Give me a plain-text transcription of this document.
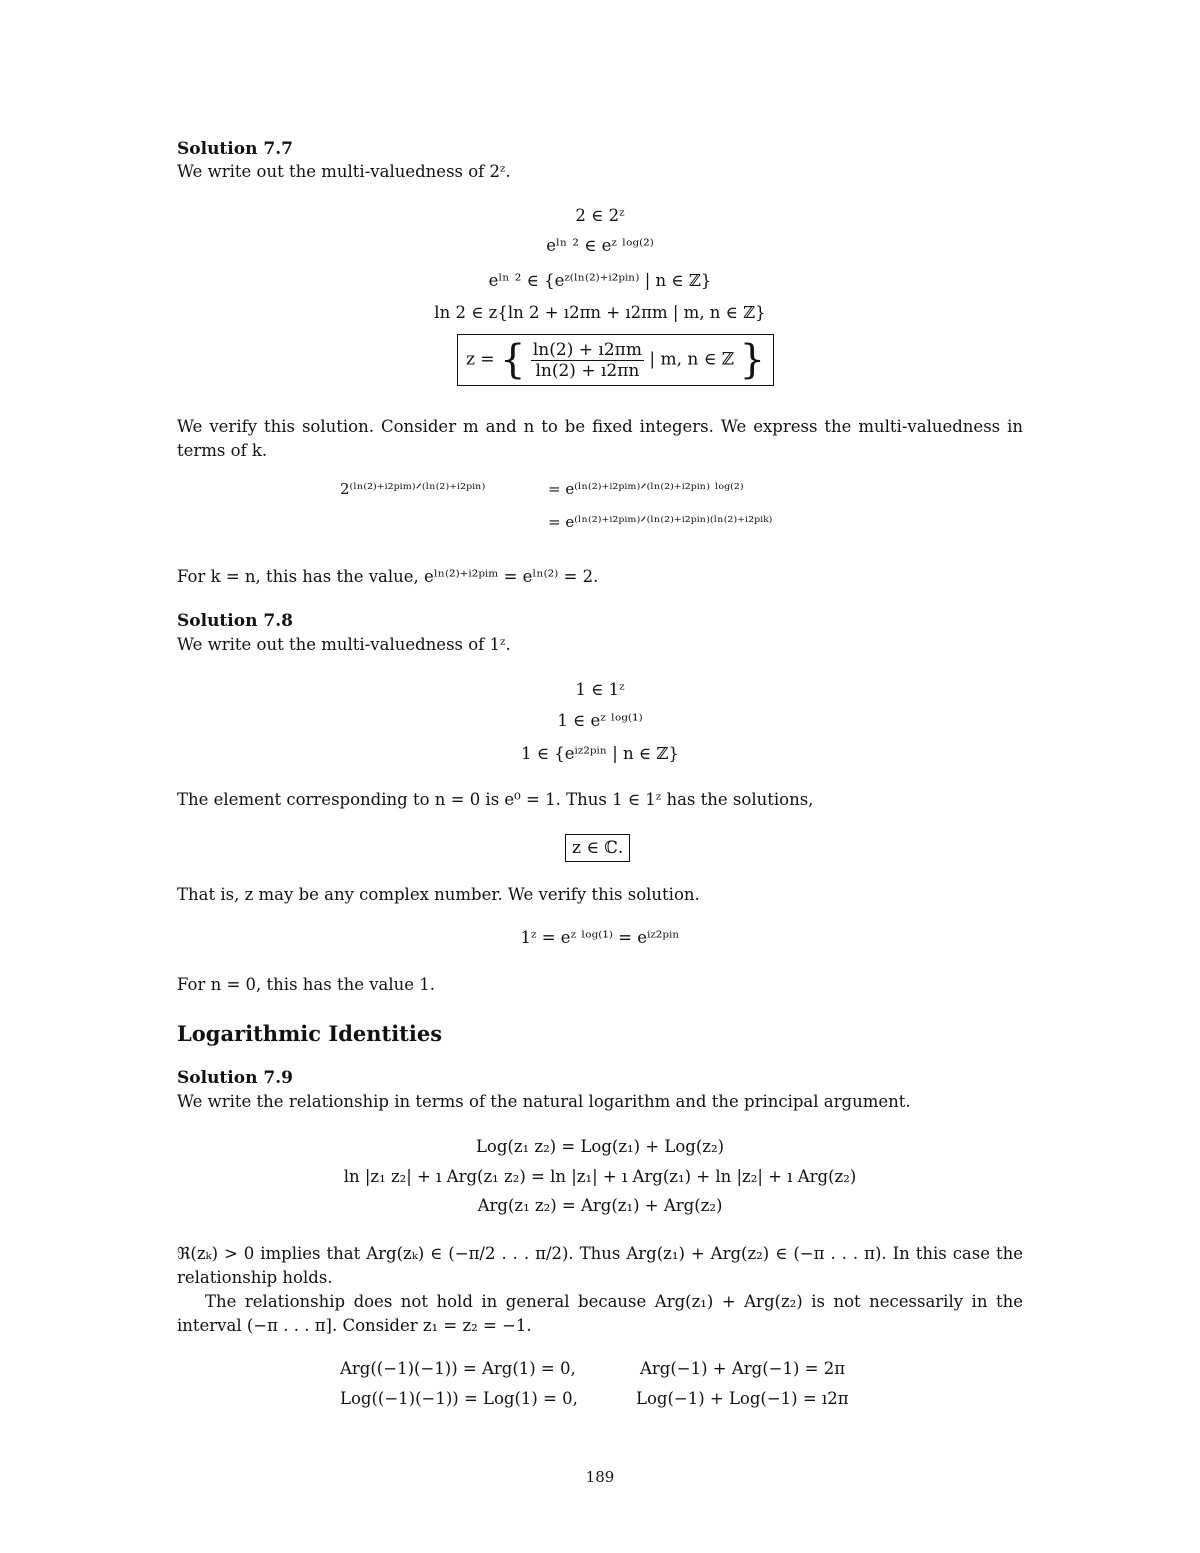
Solution 7.7
We write out the multi-valuedness of 2ᶻ.
2 ∈ 2ᶻ
eˡⁿ ² ∈ eᶻ ˡᵒᵍ⁽²⁾
eˡⁿ ² ∈ {eᶻ⁽ˡⁿ⁽²⁾⁺ⁱ²ᵖⁱⁿ⁾ | n ∈ ℤ}
ln 2 ∈ z{ln 2 + ı2πn + ı2πm | m, n ∈ ℤ}
z = { $\frac{\ln(2) + ı2\pi m}{\ln(2) + ı2\pi n}$ | m, n ∈ ℤ }
We verify this solution. Consider m and n to be fixed integers. We express the multi-valuedness in terms of k.
2⁽ˡⁿ⁽²⁾⁺ⁱ²ᵖⁱᵐ⁾ᐟ⁽ˡⁿ⁽²⁾⁺ⁱ²ᵖⁱⁿ⁾	= e⁽ˡⁿ⁽²⁾⁺ⁱ²ᵖⁱᵐ⁾ᐟ⁽ˡⁿ⁽²⁾⁺ⁱ²ᵖⁱⁿ⁾ ˡᵒᵍ⁽²⁾
= e⁽ˡⁿ⁽²⁾⁺ⁱ²ᵖⁱᵐ⁾ᐟ⁽ˡⁿ⁽²⁾⁺ⁱ²ᵖⁱⁿ⁾⁽ˡⁿ⁽²⁾⁺ⁱ²ᵖⁱᵏ⁾
For k = n, this has the value, eˡⁿ⁽²⁾⁺ⁱ²ᵖⁱᵐ = eˡⁿ⁽²⁾ = 2.
Solution 7.8
We write out the multi-valuedness of 1ᶻ.
1 ∈ 1ᶻ
1 ∈ eᶻ ˡᵒᵍ⁽¹⁾
1 ∈ {eⁱᶻ²ᵖⁱⁿ | n ∈ ℤ}
The element corresponding to n = 0 is e⁰ = 1. Thus 1 ∈ 1ᶻ has the solutions,
z ∈ ℂ.
That is, z may be any complex number. We verify this solution.
1ᶻ = eᶻ ˡᵒᵍ⁽¹⁾ = eⁱᶻ²ᵖⁱⁿ
For n = 0, this has the value 1.
Logarithmic Identities
Solution 7.9
We write the relationship in terms of the natural logarithm and the principal argument.
Log(z₁ z₂) = Log(z₁) + Log(z₂)
ln |z₁ z₂| + ı Arg(z₁ z₂) = ln |z₁| + ı Arg(z₁) + ln |z₂| + ı Arg(z₂)
Arg(z₁ z₂) = Arg(z₁) + Arg(z₂)
ℜ(zₖ) > 0 implies that Arg(zₖ) ∈ (−π/2 . . . π/2). Thus Arg(z₁) + Arg(z₂) ∈ (−π . . . π). In this case the relationship holds.
The relationship does not hold in general because Arg(z₁) + Arg(z₂) is not necessarily in the interval (−π . . . π]. Consider z₁ = z₂ = −1.
Arg((−1)(−1)) = Arg(1) = 0,	Arg(−1) + Arg(−1) = 2π
Log((−1)(−1)) = Log(1) = 0,	Log(−1) + Log(−1) = ı2π
189
